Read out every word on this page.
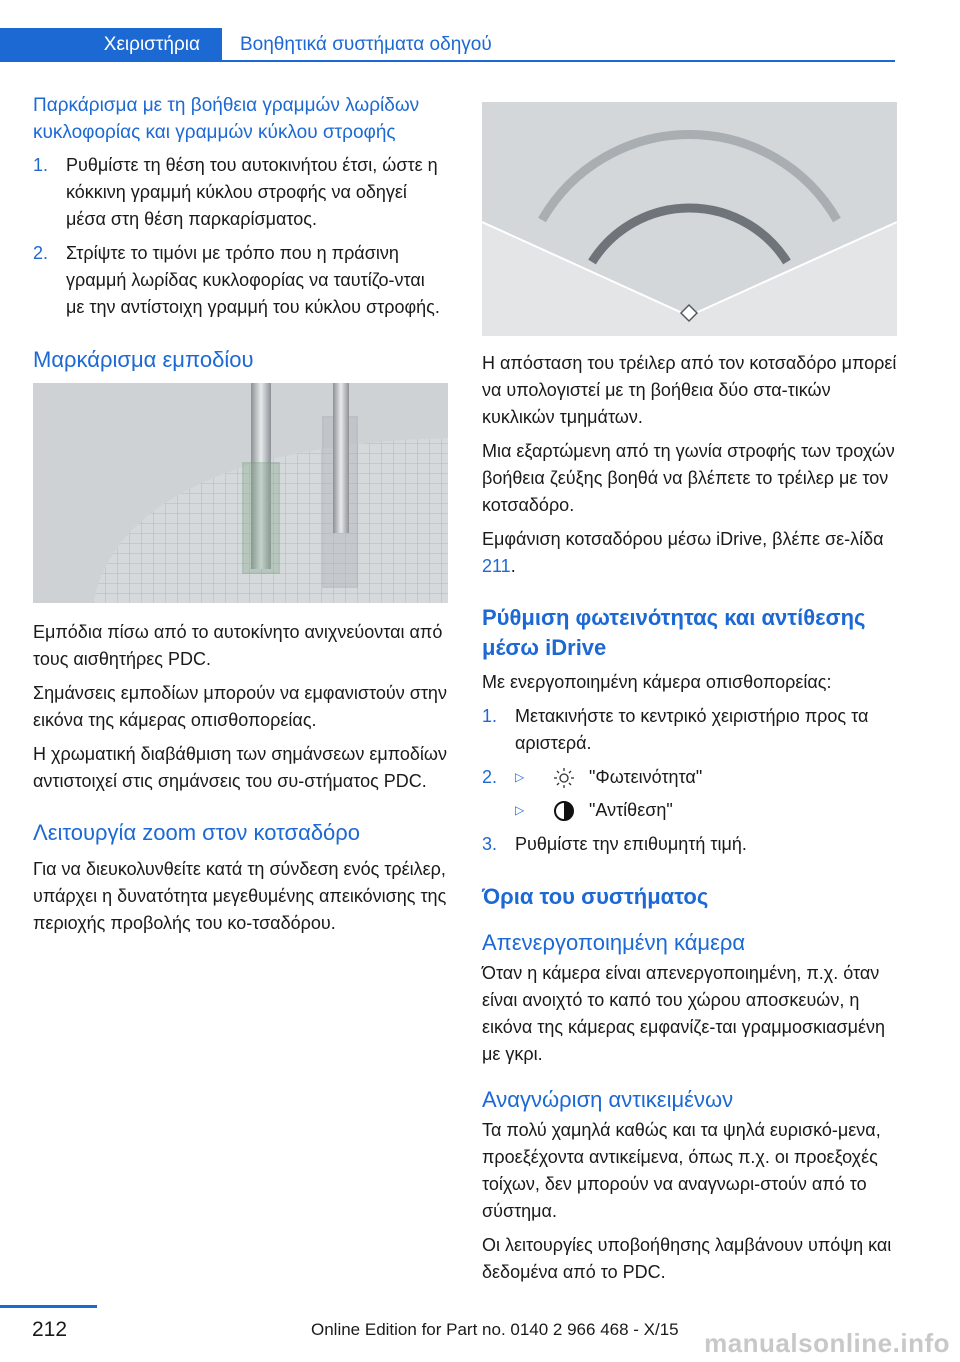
Χειριστήρια	Βοηθητικά συστήματα οδηγού
Παρκάρισμα με τη βοήθεια γραμμών λωρίδων κυκλοφορίας και γραμμών κύκλου στροφής
1. Ρυθμίστε τη θέση του αυτοκινήτου έτσι, ώστε η κόκκινη γραμμή κύκλου στροφής να οδηγεί μέσα στη θέση παρκαρίσματος.
2. Στρίψτε το τιμόνι με τρόπο που η πράσινη γραμμή λωρίδας κυκλοφορίας να ταυτίζο‐νται με την αντίστοιχη γραμμή του κύκλου στροφής.
Μαρκάρισμα εμποδίου

Εμπόδια πίσω από το αυτοκίνητο ανιχνεύονται από τους αισθητήρες PDC.

Σημάνσεις εμποδίων μπορούν να εμφανιστούν στην εικόνα της κάμερας οπισθοπορείας.

Η χρωματική διαβάθμιση των σημάνσεων εμποδίων αντιστοιχεί στις σημάνσεις του συ‐στήματος PDC.

Λειτουργία zoom στον κοτσαδόρο

Για να διευκολυνθείτε κατά τη σύνδεση ενός τρέιλερ, υπάρχει η δυνατότητα μεγεθυμένης απεικόνισης της περιοχής προβολής του κο‐τσαδόρου.

Η απόσταση του τρέιλερ από τον κοτσαδόρο μπορεί να υπολογιστεί με τη βοήθεια δύο στα‐τικών κυκλικών τμημάτων.

Μια εξαρτώμενη από τη γωνία στροφής των τροχών βοήθεια ζεύξης βοηθά να βλέπετε το τρέιλερ με τον κοτσαδόρο.

Εμφάνιση κοτσαδόρου μέσω iDrive, βλέπε σε‐λίδα 211.

Ρύθμιση φωτεινότητας και αντίθεσης μέσω iDrive

Με ενεργοποιημένη κάμερα οπισθοπορείας:

1. Μετακινήστε το κεντρικό χειριστήριο προς τα αριστερά.
2. ▷	"Φωτεινότητα"
▷	"Αντίθεση"
3. Ρυθμίστε την επιθυμητή τιμή.
Όρια του συστήματος
Απενεργοποιημένη κάμερα

Όταν η κάμερα είναι απενεργοποιημένη, π.χ. όταν είναι ανοιχτό το καπό του χώρου αποσκευών, η εικόνα της κάμερας εμφανίζε‐ται γραμμοσκιασμένη με γκρι.

Αναγνώριση αντικειμένων

Τα πολύ χαμηλά καθώς και τα ψηλά ευρισκό‐μενα, προεξέχοντα αντικείμενα, όπως π.χ. οι προεξοχές τοίχων, δεν μπορούν να αναγνωρι‐στούν από το σύστημα.

Οι λειτουργίες υποβοήθησης λαμβάνουν υπόψη και δεδομένα από το PDC.

212	Online Edition for Part no. 0140 2 966 468 - X/15 manualsonline.info
